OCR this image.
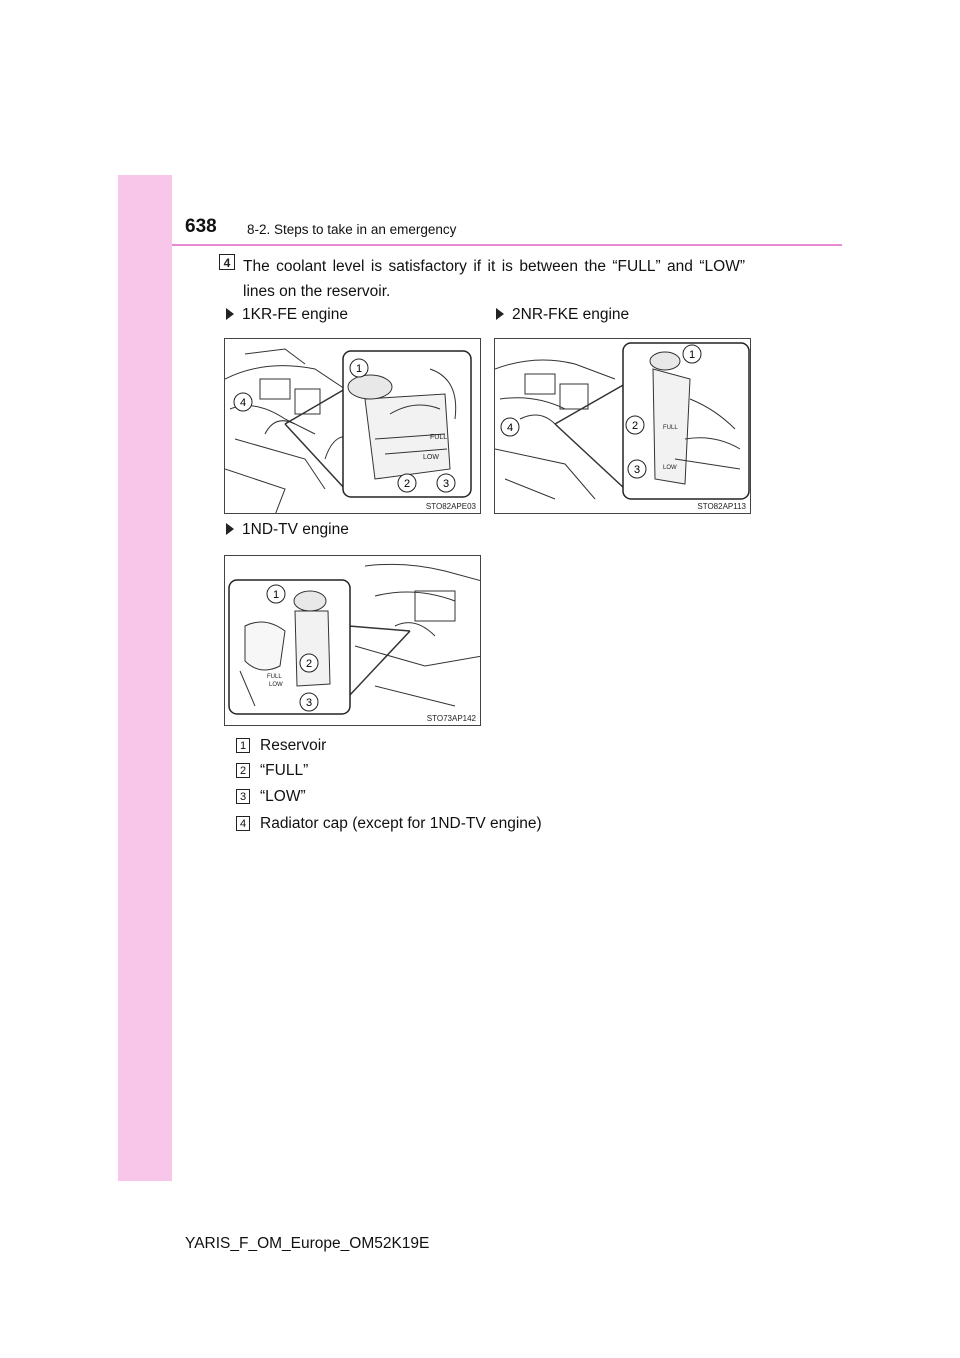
638 8-2. Steps to take in an emergency
4 The coolant level is satisfactory if it is between the “FULL” and “LOW” lines on the reservoir.
1KR-FE engine	2NR-FKE engine
FULL
LOW
1
4
2	3
STO82APE03
FULL
LOW
1
4	2
3
STO82AP113
1ND-TV engine
FULL
LOW
1
2
3
STO73AP142
1 Reservoir
2 “FULL”
3 “LOW”
4 Radiator cap (except for 1ND-TV engine)
YARIS_F_OM_Europe_OM52K19E
